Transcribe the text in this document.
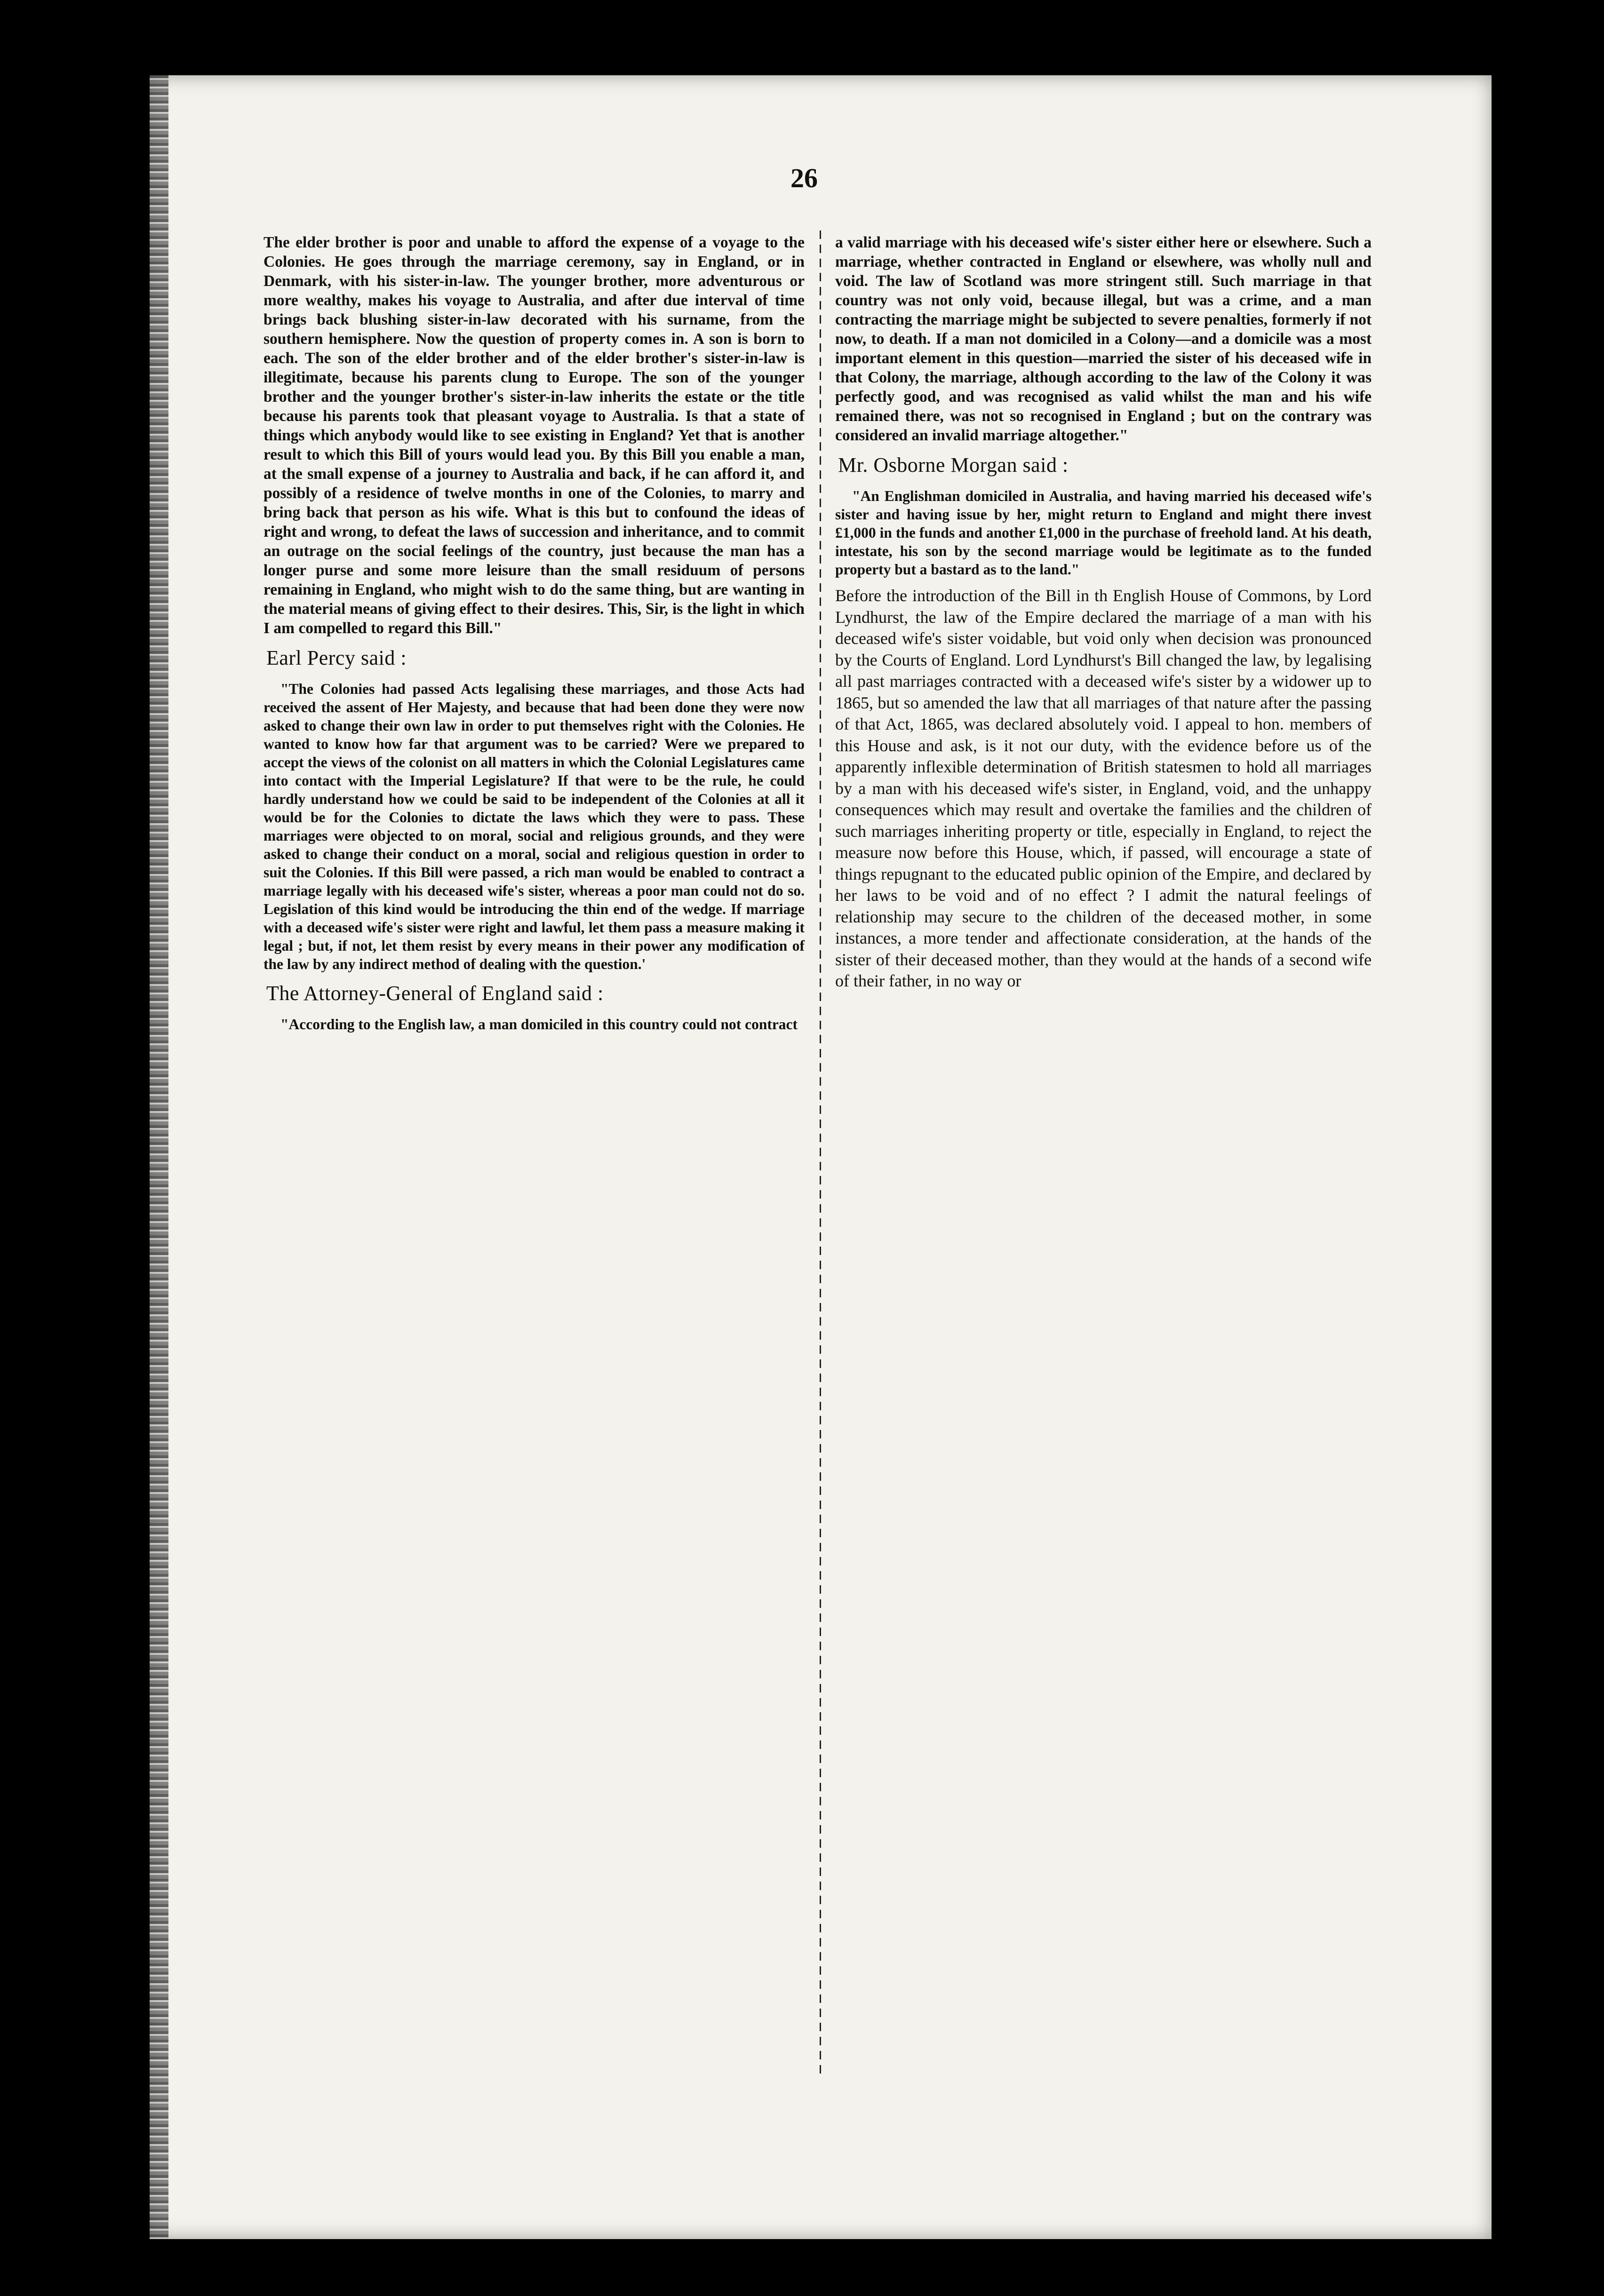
26

The elder brother is poor and unable to afford the expense of a voyage to the Colonies. He goes through the marriage ceremony, say in England, or in Denmark, with his sister-in-law. The younger brother, more adventurous or more wealthy, makes his voyage to Australia, and after due interval of time brings back blushing sister-in-law decorated with his surname, from the southern hemisphere. Now the question of property comes in. A son is born to each. The son of the elder brother and of the elder brother's sister-in-law is illegitimate, because his parents clung to Europe. The son of the younger brother and the younger brother's sister-in-law inherits the estate or the title because his parents took that pleasant voyage to Australia. Is that a state of things which anybody would like to see existing in England? Yet that is another result to which this Bill of yours would lead you. By this Bill you enable a man, at the small expense of a journey to Australia and back, if he can afford it, and possibly of a residence of twelve months in one of the Colonies, to marry and bring back that person as his wife. What is this but to confound the ideas of right and wrong, to defeat the laws of succession and inheritance, and to commit an outrage on the social feelings of the country, just because the man has a longer purse and some more leisure than the small residuum of persons remaining in England, who might wish to do the same thing, but are wanting in the material means of giving effect to their desires. This, Sir, is the light in which I am compelled to regard this Bill."

Earl Percy said :

"The Colonies had passed Acts legalising these marriages, and those Acts had received the assent of Her Majesty, and because that had been done they were now asked to change their own law in order to put themselves right with the Colonies. He wanted to know how far that argument was to be carried? Were we prepared to accept the views of the colonist on all matters in which the Colonial Legislatures came into contact with the Imperial Legislature? If that were to be the rule, he could hardly understand how we could be said to be independent of the Colonies at all it would be for the Colonies to dictate the laws which they were to pass. These marriages were objected to on moral, social and religious grounds, and they were asked to change their conduct on a moral, social and religious question in order to suit the Colonies. If this Bill were passed, a rich man would be enabled to contract a marriage legally with his deceased wife's sister, whereas a poor man could not do so. Legislation of this kind would be introducing the thin end of the wedge. If marriage with a deceased wife's sister were right and lawful, let them pass a measure making it legal ; but, if not, let them resist by every means in their power any modification of the law by any indirect method of dealing with the question.'

The Attorney-General of England said :

"According to the English law, a man domiciled in this country could not contract

a valid marriage with his deceased wife's sister either here or elsewhere. Such a marriage, whether contracted in England or elsewhere, was wholly null and void. The law of Scotland was more stringent still. Such marriage in that country was not only void, because illegal, but was a crime, and a man contracting the marriage might be subjected to severe penalties, formerly if not now, to death. If a man not domiciled in a Colony—and a domicile was a most important element in this question—married the sister of his deceased wife in that Colony, the marriage, although according to the law of the Colony it was perfectly good, and was recognised as valid whilst the man and his wife remained there, was not so recognised in England ; but on the contrary was considered an invalid marriage altogether."

Mr. Osborne Morgan said :

"An Englishman domiciled in Australia, and having married his deceased wife's sister and having issue by her, might return to England and might there invest £1,000 in the funds and another £1,000 in the purchase of freehold land. At his death, intestate, his son by the second marriage would be legitimate as to the funded property but a bastard as to the land."

Before the introduction of the Bill in th English House of Commons, by Lord Lyndhurst, the law of the Empire declared the marriage of a man with his deceased wife's sister voidable, but void only when decision was pronounced by the Courts of England. Lord Lyndhurst's Bill changed the law, by legalising all past marriages contracted with a deceased wife's sister by a widower up to 1865, but so amended the law that all marriages of that nature after the passing of that Act, 1865, was declared absolutely void. I appeal to hon. members of this House and ask, is it not our duty, with the evidence before us of the apparently inflexible determination of British statesmen to hold all marriages by a man with his deceased wife's sister, in England, void, and the unhappy consequences which may result and overtake the families and the children of such marriages inheriting property or title, especially in England, to reject the measure now before this House, which, if passed, will encourage a state of things repugnant to the educated public opinion of the Empire, and declared by her laws to be void and of no effect ? I admit the natural feelings of relationship may secure to the children of the deceased mother, in some instances, a more tender and affectionate consideration, at the hands of the sister of their deceased mother, than they would at the hands of a second wife of their father, in no way or
